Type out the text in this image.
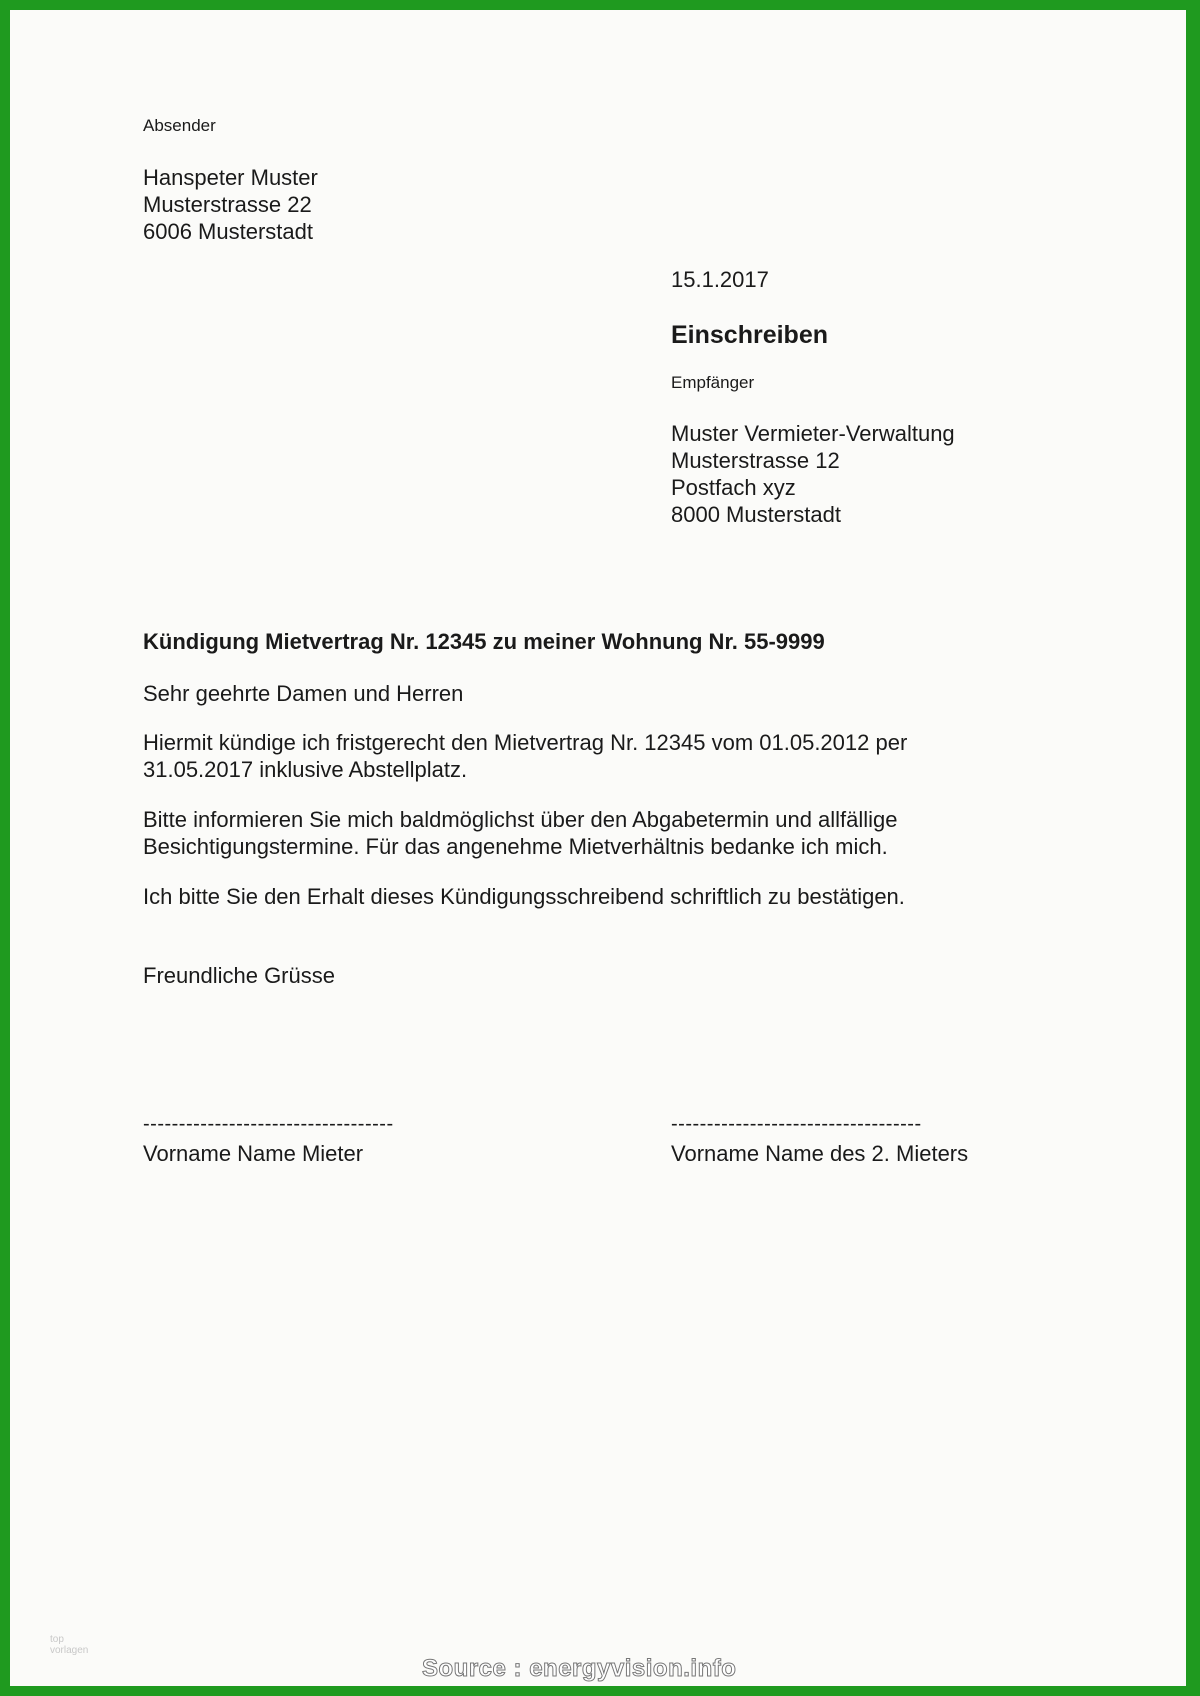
Absender
Hanspeter Muster
Musterstrasse 22
6006 Musterstadt
15.1.2017
Einschreiben
Empfänger
Muster Vermieter-Verwaltung
Musterstrasse 12
Postfach xyz
8000 Musterstadt
Kündigung Mietvertrag Nr. 12345 zu meiner Wohnung Nr. 55-9999
Sehr geehrte Damen und Herren
Hiermit kündige ich fristgerecht den Mietvertrag Nr. 12345 vom 01.05.2012 per
31.05.2017 inklusive Abstellplatz.
Bitte informieren Sie mich baldmöglichst über den Abgabetermin und allfällige
Besichtigungstermine. Für das angenehme Mietverhältnis bedanke ich mich.
Ich bitte Sie den Erhalt dieses Kündigungsschreibend schriftlich zu bestätigen.
Freundliche Grüsse
-----------------------------------
Vorname Name Mieter
-----------------------------------
Vorname Name des 2. Mieters
top
vorlagen
Source : energyvision.info
